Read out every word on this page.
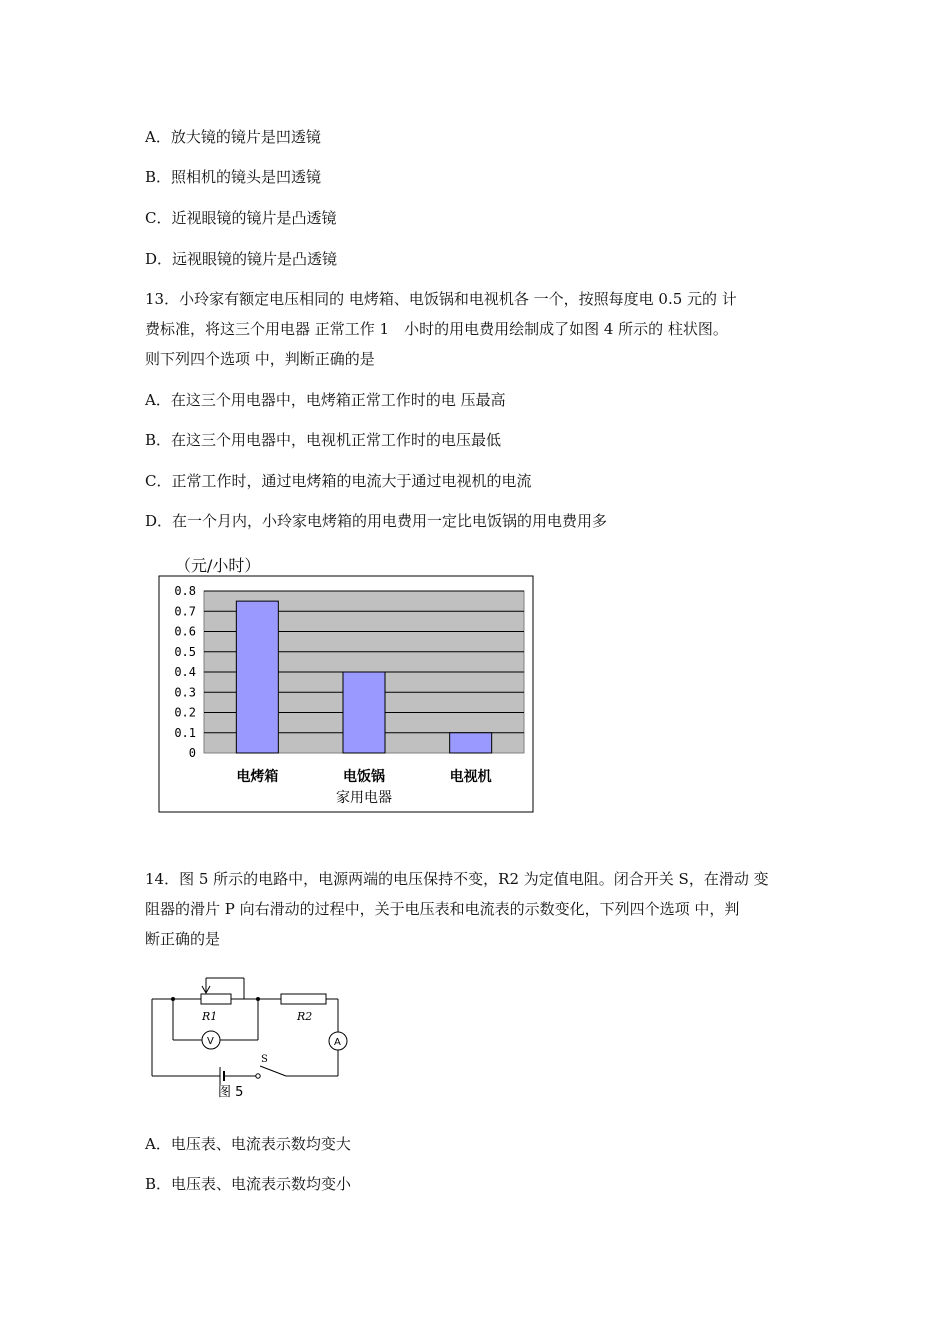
A．放大镜的镜片是凹透镜
B．照相机的镜头是凹透镜
C．近视眼镜的镜片是凸透镜
D．远视眼镜的镜片是凸透镜
13．小玲家有额定电压相同的 电烤箱、电饭锅和电视机各 一个，按照每度电 0.5 元的 计
费标准，将这三个用电器 正常工作 1　小时的用电费用绘制成了如图 4 所示的 柱状图。
则下列四个选项 中，判断正确的是
A．在这三个用电器中，电烤箱正常工作时的电 压最高
B．在这三个用电器中，电视机正常工作时的电压最低
C．正常工作时，通过电烤箱的电流大于通过电视机的电流
D．在一个月内，小玲家电烤箱的用电费用一定比电饭锅的用电费用多
（元/小时）
0
0.1
0.2
0.3
0.4
0.5
0.6
0.7
0.8
电烤箱	电饭锅	电视机
家用电器
14．图 5 所示的电路中，电源两端的电压保持不变，R2 为定值电阻。闭合开关 S，在滑动 变
阻器的滑片 P 向右滑动的过程中，关于电压表和电流表的示数变化，下列四个选项 中，判
断正确的是
R1	R2
V	A
S
图 5
A．电压表、电流表示数均变大
B．电压表、电流表示数均变小
